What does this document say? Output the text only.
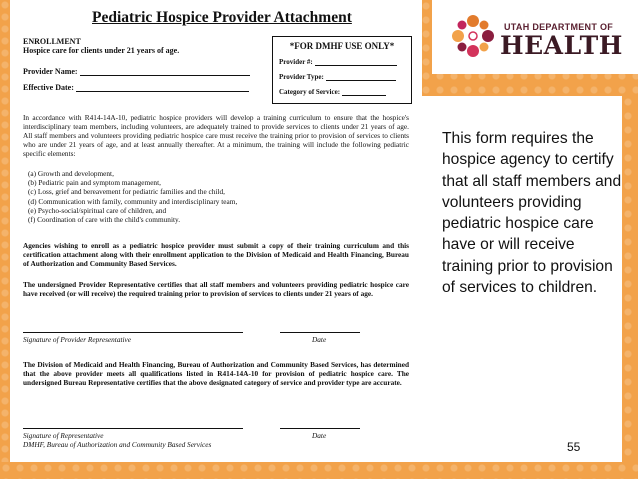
UTAH DEPARTMENT OF
HEALTH
Pediatric Hospice Provider Attachment
ENROLLMENT
Hospice care for clients under 21 years of age.
Provider Name:
Effective Date:
*FOR DMHF USE ONLY*
Provider #:
Provider Type:
Category of Service:
In accordance with R414-14A-10, pediatric hospice providers will develop a training curriculum to ensure that the hospice's interdisciplinary team members, including volunteers, are adequately trained to provide services to clients under 21 years of age. All staff members and volunteers providing pediatric hospice care must receive the training prior to provision of services to clients who are under 21 years of age, and at least annually thereafter. At a minimum, the training will include the following pediatric specific elements:
(a) Growth and development,
(b) Pediatric pain and symptom management,
(c) Loss, grief and bereavement for pediatric families and the child,
(d) Communication with family, community and interdisciplinary team,
(e) Psycho-social/spiritual care of children, and
(f) Coordination of care with the child's community.
Agencies wishing to enroll as a pediatric hospice provider must submit a copy of their training curriculum and this certification attachment along with their enrollment application to the Division of Medicaid and Health Financing, Bureau of Authorization and Community Based Services.
The undersigned Provider Representative certifies that all staff members and volunteers providing pediatric hospice care have received (or will receive) the required training prior to provision of services to clients under 21 years of age.
Signature of Provider Representative	Date
The Division of Medicaid and Health Financing, Bureau of Authorization and Community Based Services, has determined that the above provider meets all qualifications listed in R414-14A-10 for provision of pediatric hospice care. The undersigned Bureau Representative certifies that the above designated category of service and provider type are accurate.
Signature of Representative	Date
DMHF, Bureau of Authorization and Community Based Services
This form requires the hospice agency to certify that all staff members and volunteers providing pediatric hospice care have or will receive training prior to provision of services to children.
55
